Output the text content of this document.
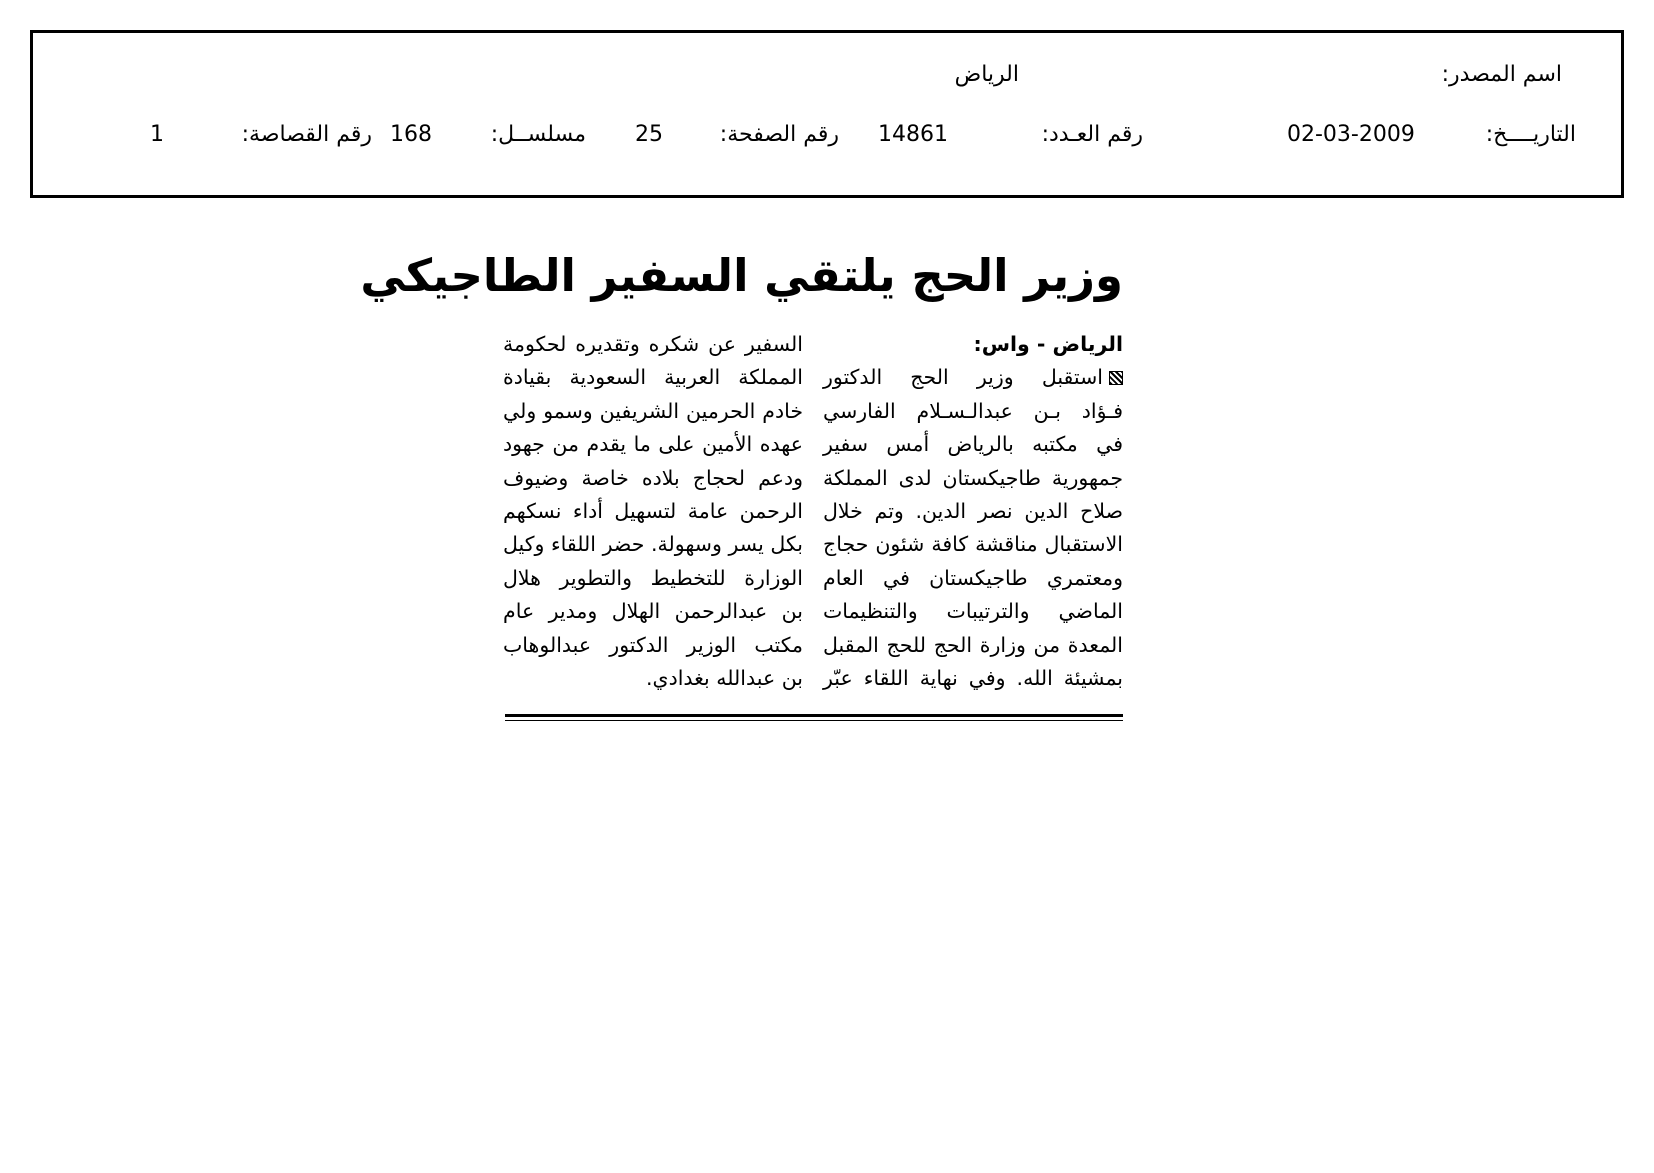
اسم المصدر:
الرياض
التاريــــخ:
02-03-2009
رقم العـدد:
14861
رقم الصفحة:
25
مسلســل:
168
رقم القصاصة:
1
وزير الحج يلتقي السفير الطاجيكي
الرياض - واس:
استقبل وزير الحج الدكتور
فـؤاد بـن عبدالـسـلام الفارسي
في مكتبه بالرياض أمس سفير
جمهورية طاجيكستان لدى المملكة
صلاح الدين نصر الدين. وتم خلال
الاستقبال مناقشة كافة شئون حجاج
ومعتمري طاجيكستان في العام
الماضي والترتيبات والتنظيمات
المعدة من وزارة الحج للحج المقبل
بمشيئة الله. وفي نهاية اللقاء عبّر
السفير عن شكره وتقديره لحكومة
المملكة العربية السعودية بقيادة
خادم الحرمين الشريفين وسمو ولي
عهده الأمين على ما يقدم من جهود
ودعم لحجاج بلاده خاصة وضيوف
الرحمن عامة لتسهيل أداء نسكهم
بكل يسر وسهولة. حضر اللقاء وكيل
الوزارة للتخطيط والتطوير هلال
بن عبدالرحمن الهلال ومدير عام
مكتب الوزير الدكتور عبدالوهاب
بن عبدالله بغدادي.
